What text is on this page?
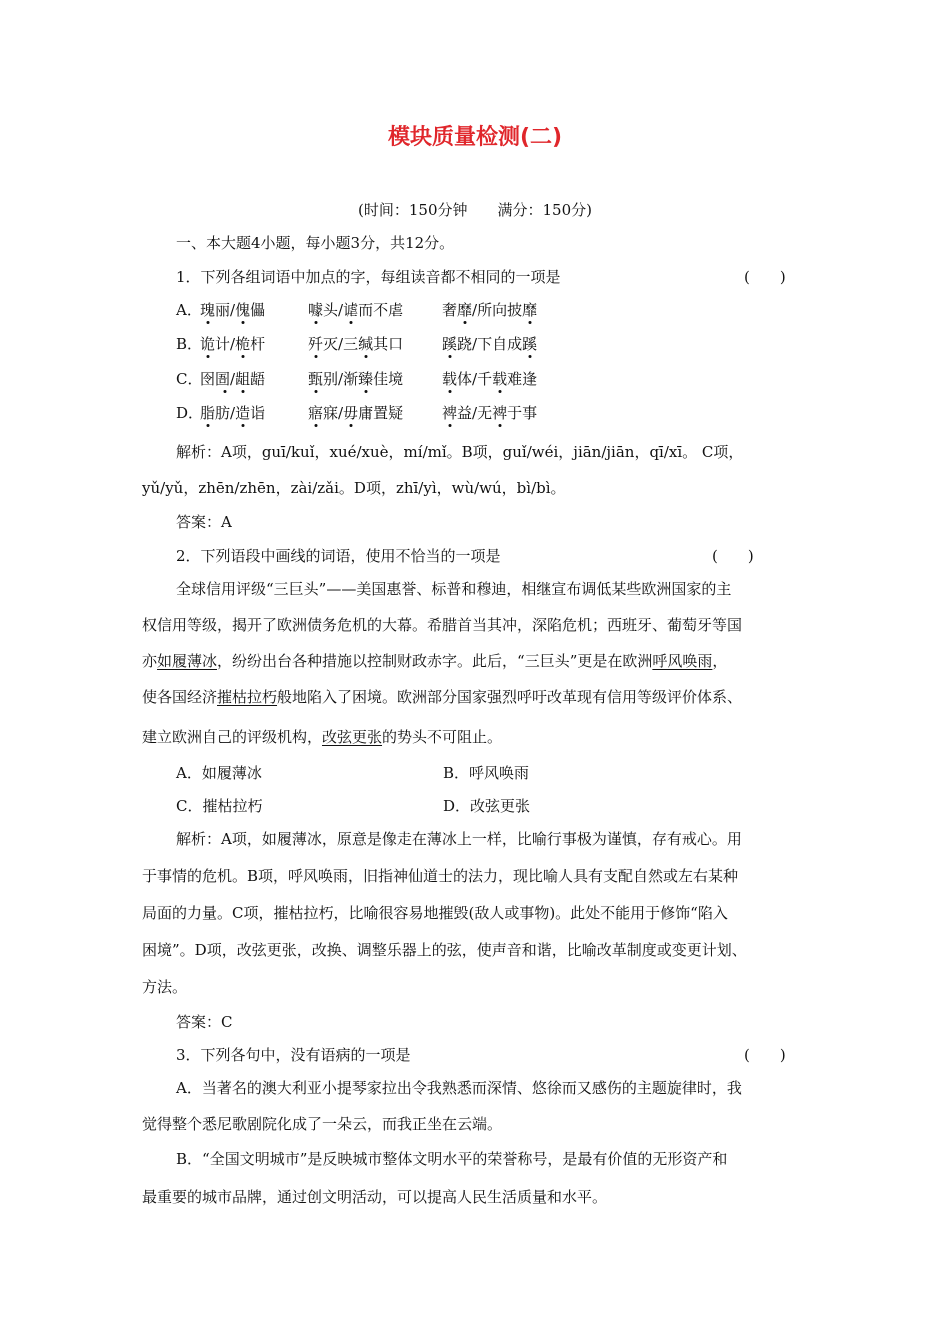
模块质量检测(二)
(时间：150分钟　　满分：150分)
一、本大题4小题，每小题3分，共12分。
1．下列各组词语中加点的字，每组读音都不相同的一项是	(　　)
A．
瑰丽/傀儡	噱头/谑而不虐	奢靡/所向披靡
B．
诡计/桅杆	歼灭/三缄其口	蹊跷/下自成蹊
C．
囹圄/龃龉	甄别/渐臻佳境	载体/千载难逢
D．
脂肪/造诣	寤寐/毋庸置疑	裨益/无裨于事
解析：A项，guī/kuǐ，xué/xuè，mí/mǐ。B项，guǐ/wéi，jiān/jiān，qī/xī。 C项，
yǔ/yǔ，zhēn/zhēn，zài/zǎi。D项，zhī/yì，wù/wú，bì/bì。
答案：A
2．下列语段中画线的词语，使用不恰当的一项是	(　　)
全球信用评级“三巨头”——美国惠誉、标普和穆迪，相继宣布调低某些欧洲国家的主
权信用等级，揭开了欧洲债务危机的大幕。希腊首当其冲，深陷危机；西班牙、葡萄牙等国
亦如履薄冰，纷纷出台各种措施以控制财政赤字。此后，“三巨头”更是在欧洲呼风唤雨，
使各国经济摧枯拉朽般地陷入了困境。欧洲部分国家强烈呼吁改革现有信用等级评价体系、
建立欧洲自己的评级机构，改弦更张的势头不可阻止。
A．如履薄冰	B．呼风唤雨
C．摧枯拉朽	D．改弦更张
解析：A项，如履薄冰，原意是像走在薄冰上一样，比喻行事极为谨慎，存有戒心。用
于事情的危机。B项，呼风唤雨，旧指神仙道士的法力，现比喻人具有支配自然或左右某种
局面的力量。C项，摧枯拉朽，比喻很容易地摧毁(敌人或事物)。此处不能用于修饰“陷入
困境”。D项，改弦更张，改换、调整乐器上的弦，使声音和谐，比喻改革制度或变更计划、
方法。
答案：C
3．下列各句中，没有语病的一项是	(　　)
A．当著名的澳大利亚小提琴家拉出令我熟悉而深情、悠徐而又感伤的主题旋律时，我
觉得整个悉尼歌剧院化成了一朵云，而我正坐在云端。
B．“全国文明城市”是反映城市整体文明水平的荣誉称号，是最有价值的无形资产和
最重要的城市品牌，通过创文明活动，可以提高人民生活质量和水平。
